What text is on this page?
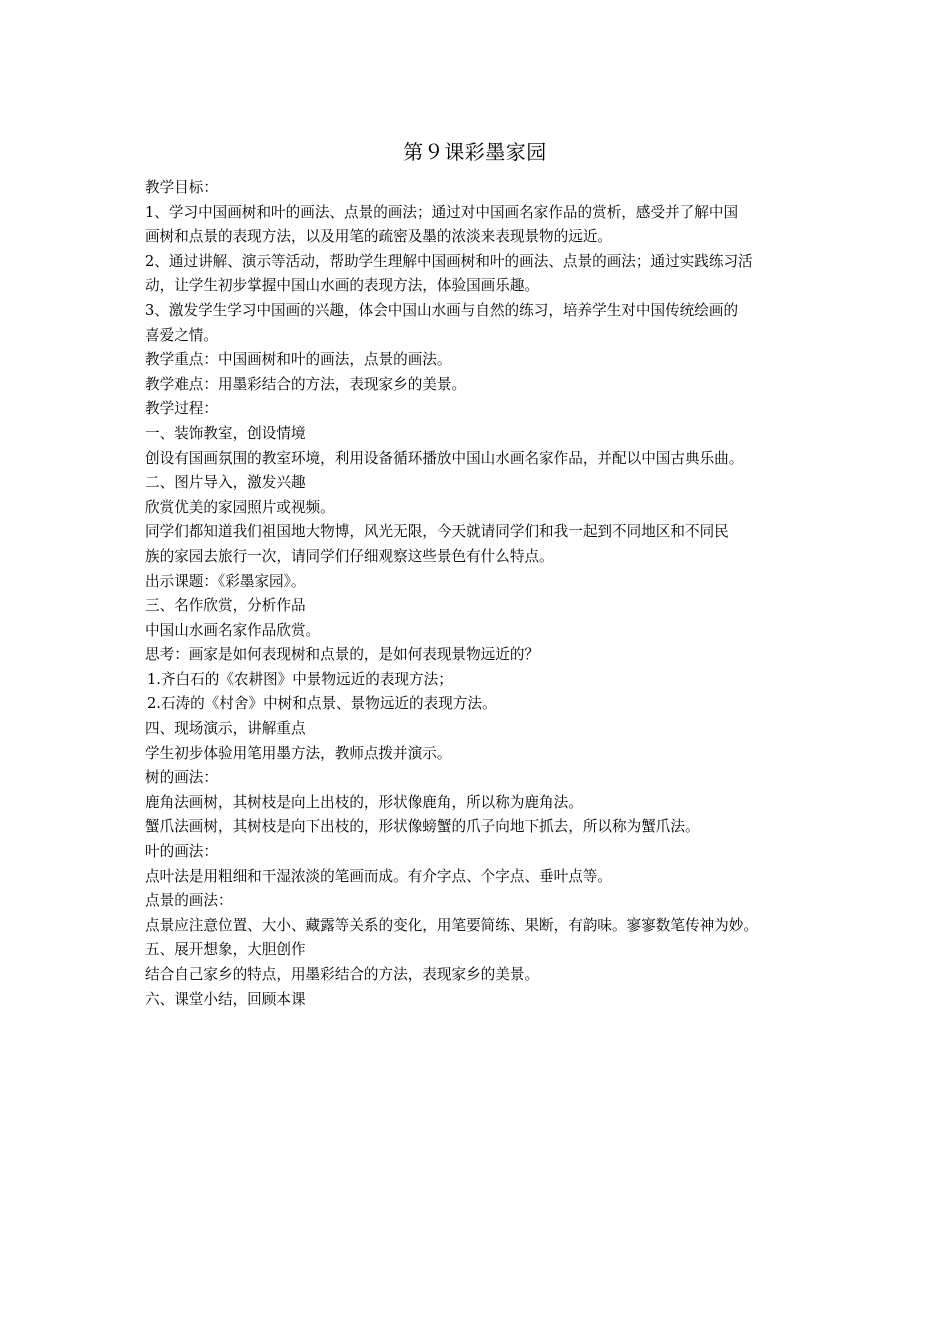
第９课彩墨家园
教学目标：
1、学习中国画树和叶的画法、点景的画法；通过对中国画名家作品的赏析，感受并了解中国
画树和点景的表现方法，以及用笔的疏密及墨的浓淡来表现景物的远近。
2、通过讲解、演示等活动，帮助学生理解中国画树和叶的画法、点景的画法；通过实践练习活
动，让学生初步掌握中国山水画的表现方法，体验国画乐趣。
3、激发学生学习中国画的兴趣，体会中国山水画与自然的练习，培养学生对中国传统绘画的
喜爱之情。
教学重点：中国画树和叶的画法，点景的画法。
教学难点：用墨彩结合的方法，表现家乡的美景。
教学过程：
一、装饰教室，创设情境
创设有国画氛围的教室环境，利用设备循环播放中国山水画名家作品，并配以中国古典乐曲。
二、图片导入，激发兴趣
欣赏优美的家园照片或视频。
同学们都知道我们祖国地大物博，风光无限，今天就请同学们和我一起到不同地区和不同民
族的家园去旅行一次，请同学们仔细观察这些景色有什么特点。
出示课题：《彩墨家园》。
三、名作欣赏，分析作品
中国山水画名家作品欣赏。
思考：画家是如何表现树和点景的，是如何表现景物远近的？
1.齐白石的《农耕图》中景物远近的表现方法；
2.石涛的《村舍》中树和点景、景物远近的表现方法。
四、现场演示，讲解重点
学生初步体验用笔用墨方法，教师点拨并演示。
树的画法：
鹿角法画树，其树枝是向上出枝的，形状像鹿角，所以称为鹿角法。
蟹爪法画树，其树枝是向下出枝的，形状像螃蟹的爪子向地下抓去，所以称为蟹爪法。
叶的画法：
点叶法是用粗细和干湿浓淡的笔画而成。有介字点、个字点、垂叶点等。
点景的画法：
点景应注意位置、大小、藏露等关系的变化，用笔要简练、果断，有韵味。寥寥数笔传神为妙。
五、展开想象，大胆创作
结合自己家乡的特点，用墨彩结合的方法，表现家乡的美景。
六、课堂小结，回顾本课
